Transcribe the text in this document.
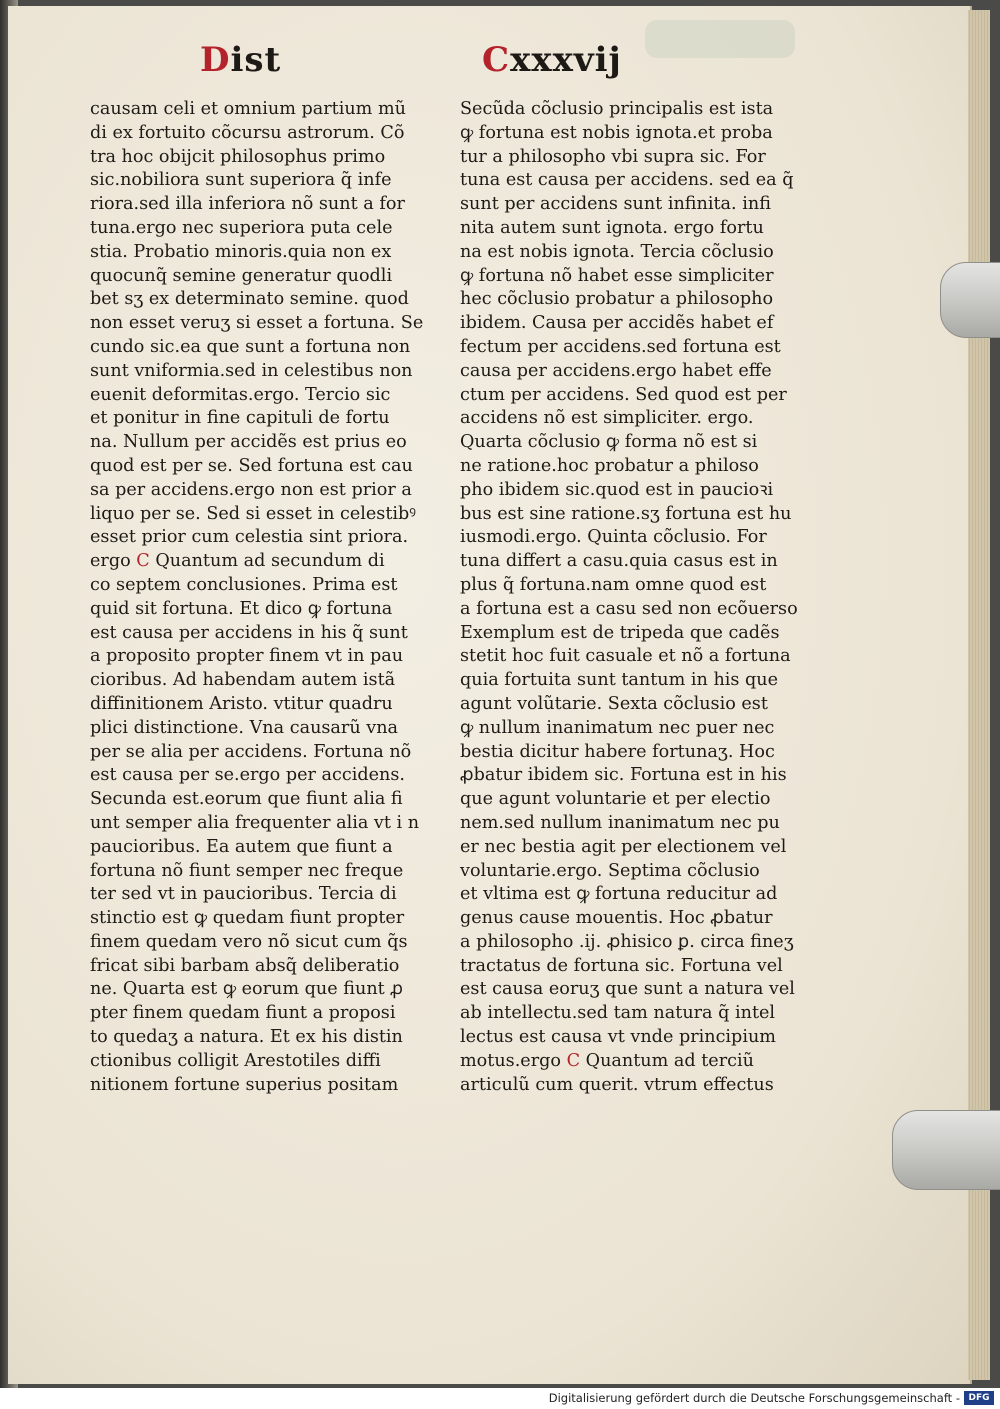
Dist	Cxxxvij
causam celi et omnium partium mũ
di ex fortuito cõcursu astrorum. Cõ
tra hoc obijcit philosophus primo
sic.nobiliora sunt superiora q̃ infe
riora.sed illa inferiora nõ sunt a for
tuna.ergo nec superiora puta cele
stia. Probatio minoris.quia non ex
quocunq̃ semine generatur quodli
bet sʒ ex determinato semine. quod
non esset veruʒ si esset a fortuna. Se
cundo sic.ea que sunt a fortuna non
sunt vniformia.sed in celestibus non
euenit deformitas.ergo. Tercio sic
et ponitur in fine capituli de fortu
na. Nullum per accidẽs est prius eo
quod est per se. Sed fortuna est cau
sa per accidens.ergo non est prior a
liquo per se. Sed si esset in celestibꝰ
esset prior cum celestia sint priora.
ergo C Quantum ad secundum di
co septem conclusiones. Prima est
quid sit fortuna. Et dico ꝙ fortuna
est causa per accidens in his q̃ sunt
a proposito propter finem vt in pau
cioribus. Ad habendam autem istã
diffinitionem Aristo. vtitur quadru
plici distinctione. Vna causarũ vna
per se alia per accidens. Fortuna nõ
est causa per se.ergo per accidens.
Secunda est.eorum que fiunt alia fi
unt semper alia frequenter alia vt i n
paucioribus. Ea autem que fiunt a
fortuna nõ fiunt semper nec freque
ter sed vt in paucioribus. Tercia di
stinctio est ꝙ quedam fiunt propter
finem quedam vero nõ sicut cum q̃s
fricat sibi barbam absq̃ deliberatio
ne. Quarta est ꝙ eorum que fiunt ꝓ
pter finem quedam fiunt a proposi
to quedaʒ a natura. Et ex his distin
ctionibus colligit Arestotiles diffi
nitionem fortune superius positam
Secũda cõclusio principalis est ista
ꝙ fortuna est nobis ignota.et proba
tur a philosopho vbi supra sic. For
tuna est causa per accidens. sed ea q̃
sunt per accidens sunt infinita. infi
nita autem sunt ignota. ergo fortu
na est nobis ignota. Tercia cõclusio
ꝙ fortuna nõ habet esse simpliciter
hec cõclusio probatur a philosopho
ibidem. Causa per accidẽs habet ef
fectum per accidens.sed fortuna est
causa per accidens.ergo habet effe
ctum per accidens. Sed quod est per
accidens nõ est simpliciter. ergo.
Quarta cõclusio ꝙ forma nõ est si
ne ratione.hoc probatur a philoso
pho ibidem sic.quod est in paucioꝛi
bus est sine ratione.sʒ fortuna est hu
iusmodi.ergo. Quinta cõclusio. For
tuna differt a casu.quia casus est in
plus q̃ fortuna.nam omne quod est
a fortuna est a casu sed non ecõuerso
Exemplum est de tripeda que cadẽs
stetit hoc fuit casuale et nõ a fortuna
quia fortuita sunt tantum in his que
agunt volũtarie. Sexta cõclusio est
ꝙ nullum inanimatum nec puer nec
bestia dicitur habere fortunaʒ. Hoc
ꝓbatur ibidem sic. Fortuna est in his
que agunt voluntarie et per electio
nem.sed nullum inanimatum nec pu
er nec bestia agit per electionem vel
voluntarie.ergo. Septima cõclusio
et vltima est ꝙ fortuna reducitur ad
genus cause mouentis. Hoc ꝓbatur
a philosopho .ij. ꝓhisico ꝑ. circa fineʒ
tractatus de fortuna sic. Fortuna vel
est causa eoruʒ que sunt a natura vel
ab intellectu.sed tam natura q̃ intel
lectus est causa vt vnde principium
motus.ergo C Quantum ad terciũ
articulũ cum querit. vtrum effectus
Digitalisierung gefördert durch die Deutsche Forschungsgemeinschaft - DFG
